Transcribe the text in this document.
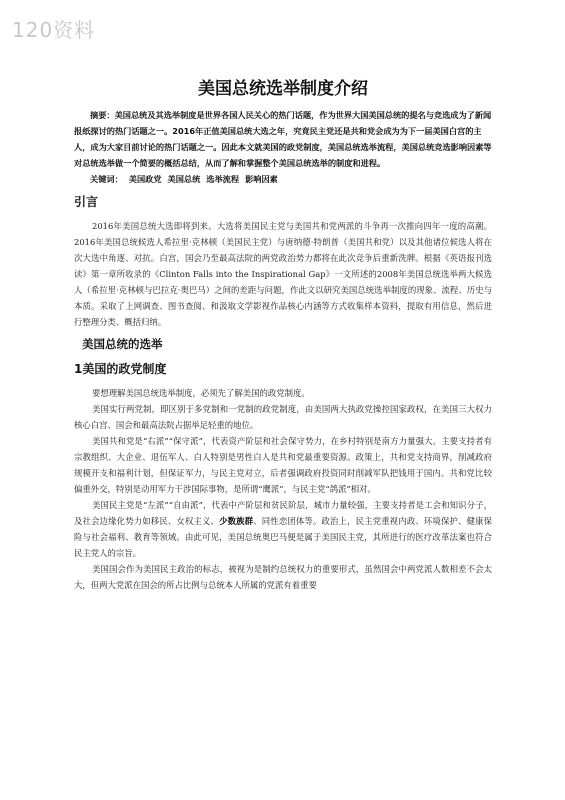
120资料
美国总统选举制度介绍

摘要：美国总统及其选举制度是世界各国人民关心的热门话题，作为世界大国美国总统的提名与竞选成为了新闻报纸探讨的热门话题之一。2016年正值美国总统大选之年，究竟民主党还是共和党会成为为下一届美国白宫的主人，成为大家目前讨论的热门话题之一。因此本文就美国的政党制度，美国总统选举流程，美国总统竞选影响因素等对总统选举做一个简要的概括总结，从而了解和掌握整个美国总统选举的制度和进程。

关键词： 美国政党 美国总统 选举流程 影响因素

引言

2016年美国总统大选即将到来。大选将美国民主党与美国共和党两派的斗争再一次推向四年一度的高潮。2016年美国总统候选人希拉里·克林顿（美国民主党）与唐纳德·特朗普（美国共和党）以及其他诸位候选人将在次大选中角逐、对抗。白宫，国会乃至最高法院的两党政治势力都将在此次竞争后重新洗牌。根据《英语报刊选读》第一章所收录的《Clinton Falls into the Inspirational Gap》一文所述的2008年美国总统选举两大候选人（希拉里·克林顿与巴拉克·奥巴马）之间的差距与问题，作此文以研究美国总统选举制度的现象、流程、历史与本质。采取了上网调查、图书查阅、和汲取文学影视作品核心内涵等方式收集样本资料，提取有用信息，然后进行整理分类、概括归纳。

美国总统的选举
1美国的政党制度

要想理解美国总统选举制度，必须先了解美国的政党制度。

美国实行两党制，即区别于多党制和一党制的政党制度，由美国两大执政党操控国家政权，在美国三大权力核心白宫、国会和最高法院占据举足轻重的地位。

美国共和党是“右派”“保守派”，代表资产阶层和社会保守势力，在乡村特别是南方力量强大。主要支持者有宗教组织、大企业、退伍军人、白人特别是男性白人是共和党最重要资源。政策上，共和党支持商界，削减政府规模开支和福利计划，但保证军力，与民主党对立，后者强调政府投资同时削减军队把钱用于国内。共和党比较偏重外交，特别是动用军力干涉国际事物，是所谓“鹰派”，与民主党“鸽派”相对。

美国民主党是“左派”“自由派”，代表中产阶层和贫民阶层，城市力量较强，主要支持者是工会和知识分子，及社会边缘化势力如移民、女权主义、少数族群、同性恋团体等。政治上，民主党重视内政、环境保护、健康保险与社会福利、教育等领域。由此可见，美国总统奥巴马便是属于美国民主党，其所进行的医疗改革法案也符合民主党人的宗旨。

美国国会作为美国民主政治的标志，被视为是制约总统权力的重要形式，虽然国会中两党派人数相差不会太大，但两大党派在国会的所占比例与总统本人所属的党派有着重要
